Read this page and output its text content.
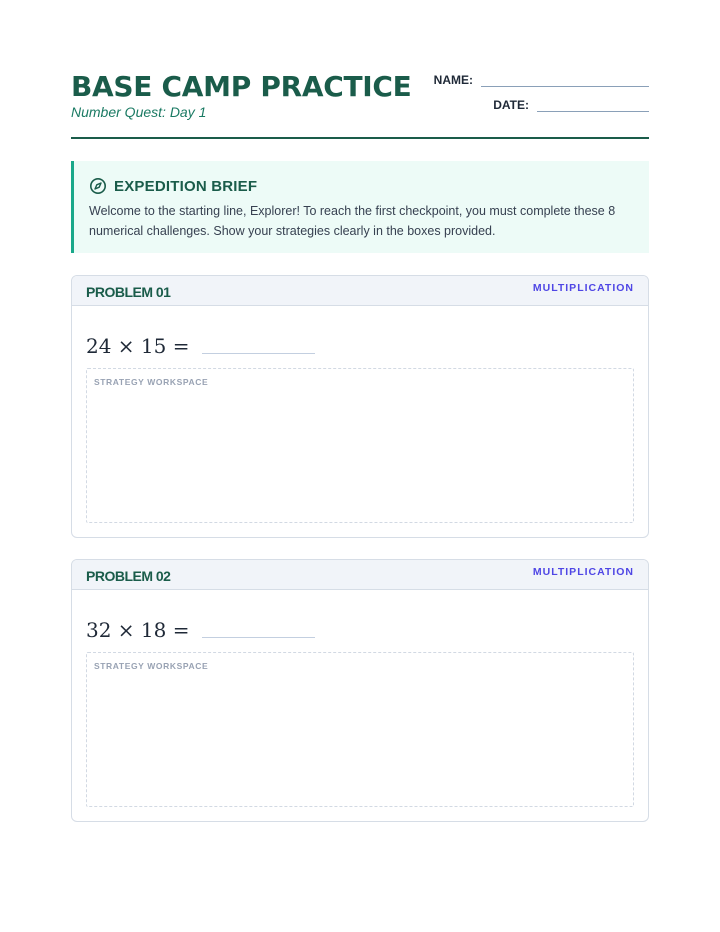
BASE CAMP PRACTICE

Number Quest: Day 1

NAME:
DATE:
EXPEDITION BRIEF
Welcome to the starting line, Explorer! To reach the first checkpoint, you must complete these 8 numerical challenges. Show your strategies clearly in the boxes provided.
PROBLEM 01	MULTIPLICATION
24 × 15 =
STRATEGY WORKSPACE
PROBLEM 02	MULTIPLICATION
32 × 18 =
STRATEGY WORKSPACE
